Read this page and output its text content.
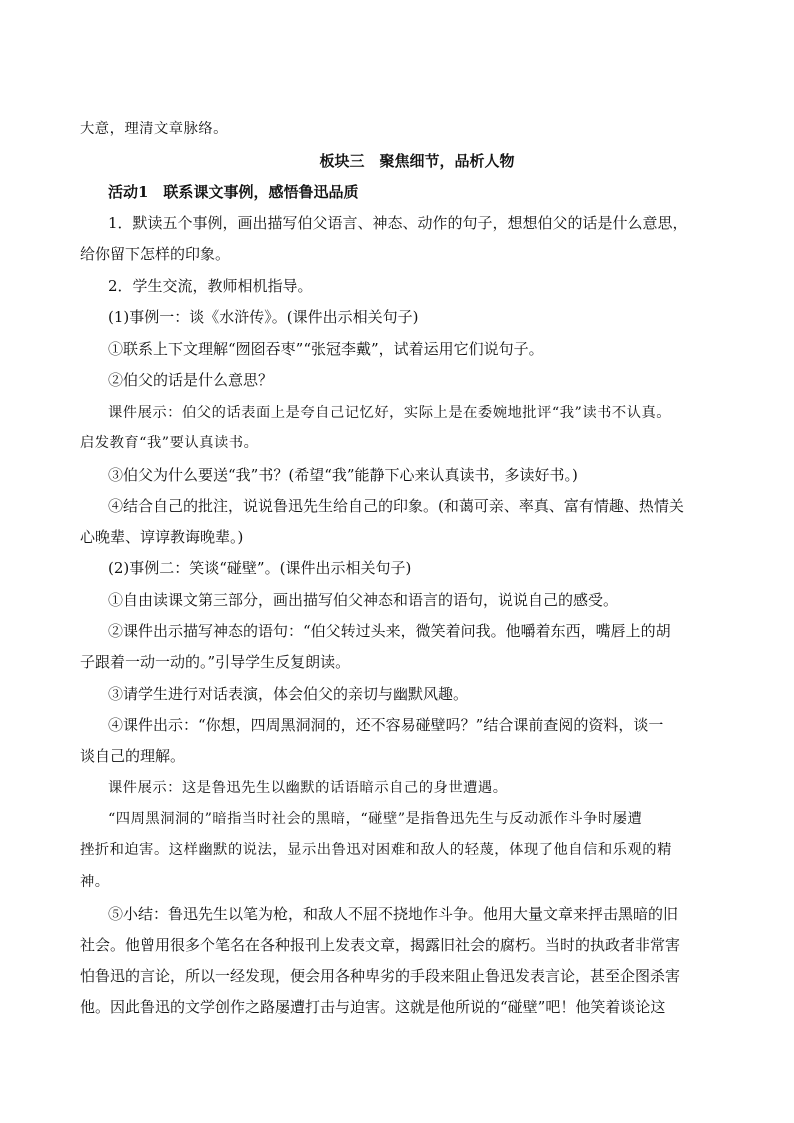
大意，理清文章脉络。
板块三　聚焦细节，品析人物
活动1　联系课文事例，感悟鲁迅品质
1．默读五个事例，画出描写伯父语言、神态、动作的句子，想想伯父的话是什么意思，
给你留下怎样的印象。
2．学生交流，教师相机指导。
(1)事例一：谈《水浒传》。(课件出示相关句子)
①联系上下文理解“囫囵吞枣”“张冠李戴”，试着运用它们说句子。
②伯父的话是什么意思？
课件展示：伯父的话表面上是夸自己记忆好，实际上是在委婉地批评“我”读书不认真。
启发教育“我”要认真读书。
③伯父为什么要送“我”书？(希望“我”能静下心来认真读书，多读好书。)
④结合自己的批注，说说鲁迅先生给自己的印象。(和蔼可亲、率真、富有情趣、热情关
心晚辈、谆谆教诲晚辈。)
(2)事例二：笑谈“碰壁”。(课件出示相关句子)
①自由读课文第三部分，画出描写伯父神态和语言的语句，说说自己的感受。
②课件出示描写神态的语句：“伯父转过头来，微笑着问我。他嚼着东西，嘴唇上的胡
子跟着一动一动的。”引导学生反复朗读。
③请学生进行对话表演，体会伯父的亲切与幽默风趣。
④课件出示：“你想，四周黑洞洞的，还不容易碰壁吗？”结合课前查阅的资料，谈一
谈自己的理解。
课件展示：这是鲁迅先生以幽默的话语暗示自己的身世遭遇。
“四周黑洞洞的”暗指当时社会的黑暗，“碰壁”是指鲁迅先生与反动派作斗争时屡遭
挫折和迫害。这样幽默的说法，显示出鲁迅对困难和敌人的轻蔑，体现了他自信和乐观的精
神。
⑤小结：鲁迅先生以笔为枪，和敌人不屈不挠地作斗争。他用大量文章来抨击黑暗的旧
社会。他曾用很多个笔名在各种报刊上发表文章，揭露旧社会的腐朽。当时的执政者非常害
怕鲁迅的言论，所以一经发现，便会用各种卑劣的手段来阻止鲁迅发表言论，甚至企图杀害
他。因此鲁迅的文学创作之路屡遭打击与迫害。这就是他所说的“碰壁”吧！他笑着谈论这
